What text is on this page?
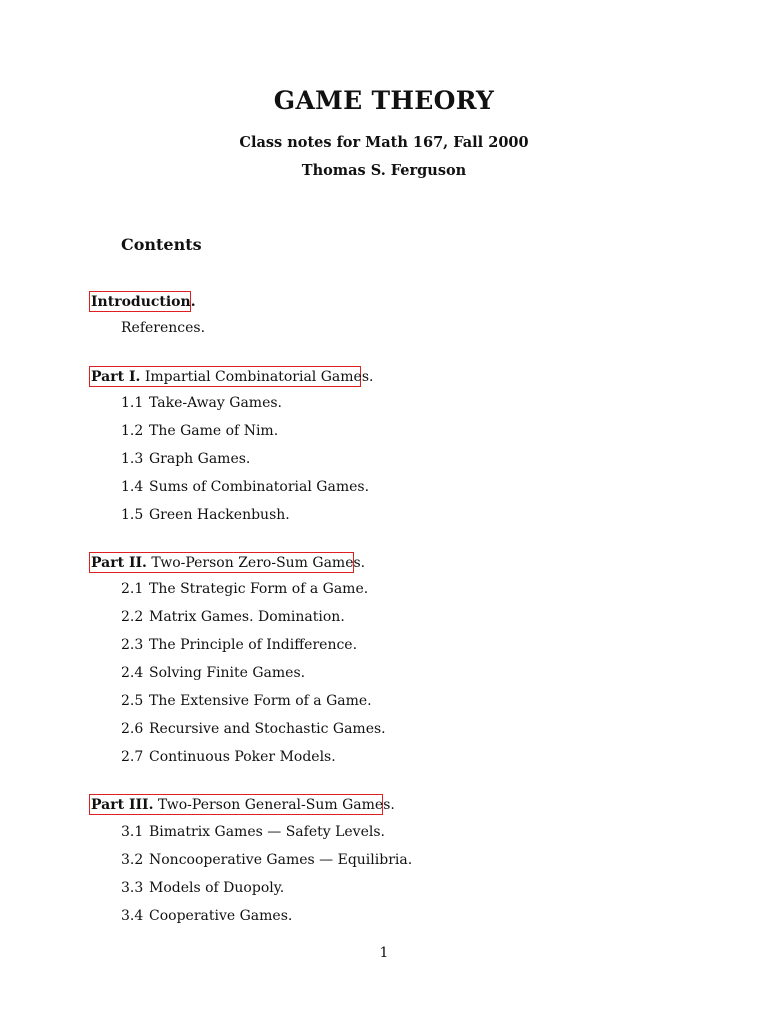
GAME THEORY
Class notes for Math 167, Fall 2000
Thomas S. Ferguson
Contents
Introduction.
References.
Part I. Impartial Combinatorial Games.
1.1 Take-Away Games.
1.2 The Game of Nim.
1.3 Graph Games.
1.4 Sums of Combinatorial Games.
1.5 Green Hackenbush.
Part II. Two-Person Zero-Sum Games.
2.1 The Strategic Form of a Game.
2.2 Matrix Games. Domination.
2.3 The Principle of Indifference.
2.4 Solving Finite Games.
2.5 The Extensive Form of a Game.
2.6 Recursive and Stochastic Games.
2.7 Continuous Poker Models.
Part III. Two-Person General-Sum Games.
3.1 Bimatrix Games — Safety Levels.
3.2 Noncooperative Games — Equilibria.
3.3 Models of Duopoly.
3.4 Cooperative Games.
1
